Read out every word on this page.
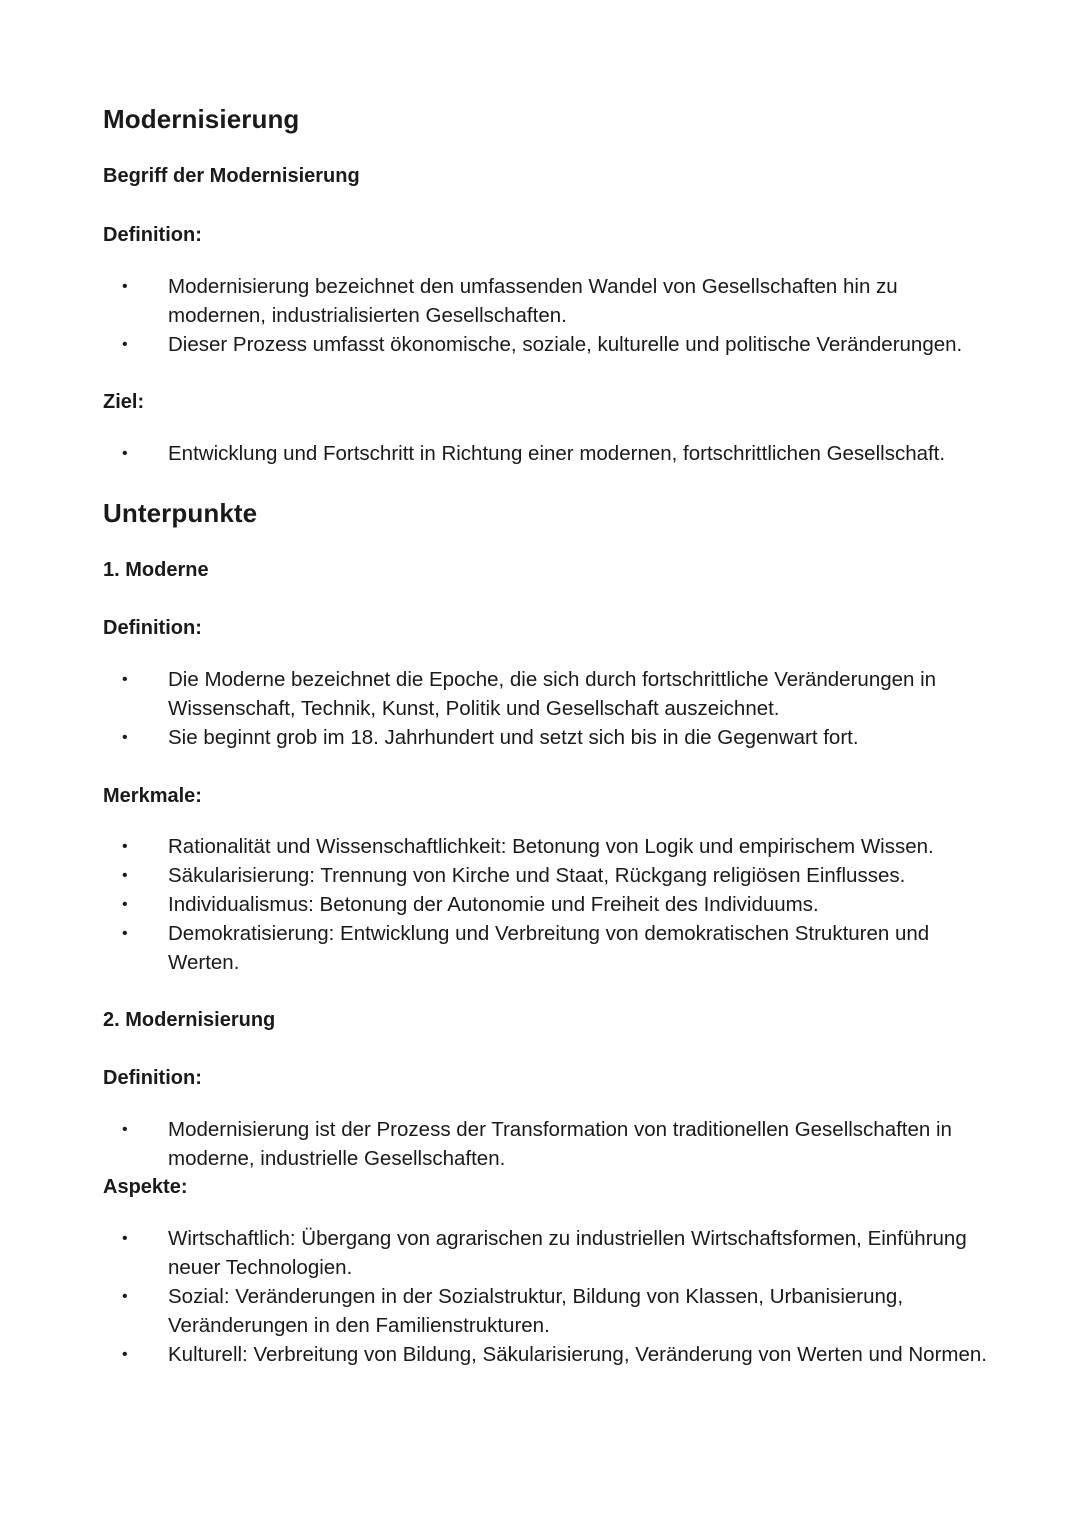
Modernisierung
Begriff der Modernisierung
Definition:
• Modernisierung bezeichnet den umfassenden Wandel von Gesellschaften hin zu modernen, industrialisierten Gesellschaften.
• Dieser Prozess umfasst ökonomische, soziale, kulturelle und politische Veränderungen.
Ziel:
• Entwicklung und Fortschritt in Richtung einer modernen, fortschrittlichen Gesellschaft.
Unterpunkte
1. Moderne
Definition:
• Die Moderne bezeichnet die Epoche, die sich durch fortschrittliche Veränderungen in Wissenschaft, Technik, Kunst, Politik und Gesellschaft auszeichnet.
• Sie beginnt grob im 18. Jahrhundert und setzt sich bis in die Gegenwart fort.
Merkmale:
• Rationalität und Wissenschaftlichkeit: Betonung von Logik und empirischem Wissen.
• Säkularisierung: Trennung von Kirche und Staat, Rückgang religiösen Einflusses.
• Individualismus: Betonung der Autonomie und Freiheit des Individuums.
• Demokratisierung: Entwicklung und Verbreitung von demokratischen Strukturen und Werten.
2. Modernisierung
Definition:
• Modernisierung ist der Prozess der Transformation von traditionellen Gesellschaften in moderne, industrielle Gesellschaften.
Aspekte:
• Wirtschaftlich: Übergang von agrarischen zu industriellen Wirtschaftsformen, Einführung neuer Technologien.
• Sozial: Veränderungen in der Sozialstruktur, Bildung von Klassen, Urbanisierung, Veränderungen in den Familienstrukturen.
• Kulturell: Verbreitung von Bildung, Säkularisierung, Veränderung von Werten und Normen.
